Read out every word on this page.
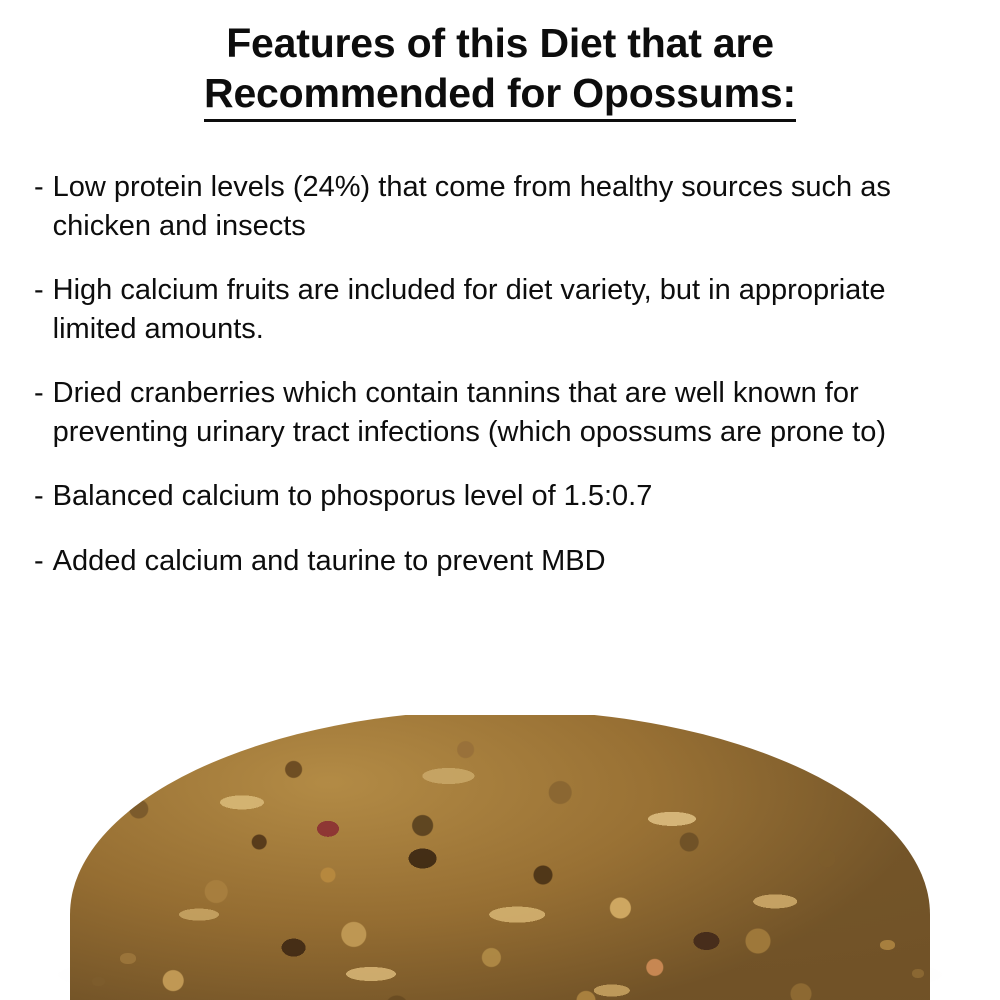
Features of this Diet that are
Recommended for Opossums:
- Low protein levels (24%) that come from healthy sources such as chicken and insects
- High calcium fruits are included for diet variety, but in appropriate limited amounts.
- Dried cranberries which contain tannins that are well known for preventing urinary tract infections (which opossums are prone to)
- Balanced calcium to phosporus level of 1.5:0.7
- Added calcium and taurine to prevent MBD
